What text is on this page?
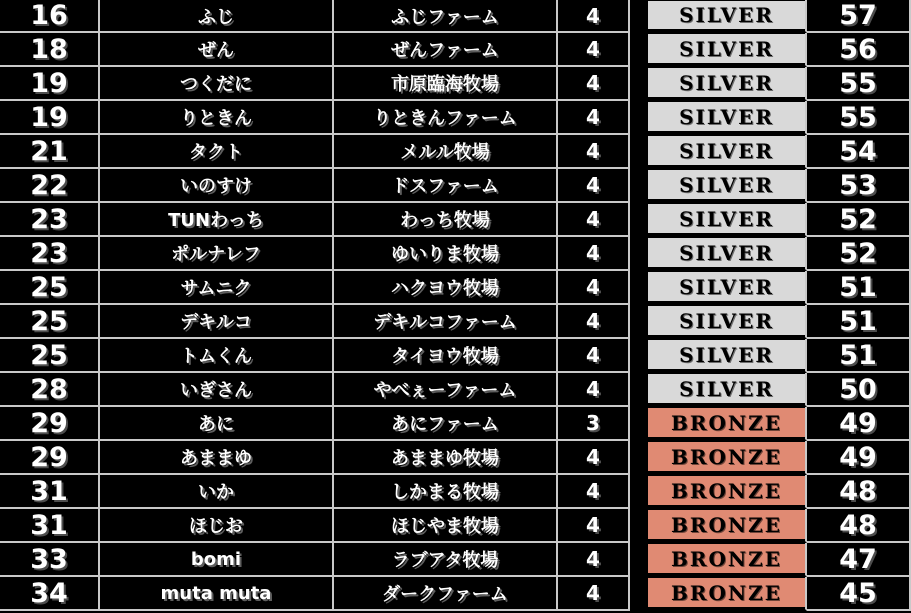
16	ふじ	ふじファーム	4	SILVER	57
18	ぜん	ぜんファーム	4	SILVER	56
19	つくだに	市原臨海牧場	4	SILVER	55
19	りときん	りときんファーム	4	SILVER	55
21	タクト	メルル牧場	4	SILVER	54
22	いのすけ	ドスファーム	4	SILVER	53
23	TUNわっち	わっち牧場	4	SILVER	52
23	ポルナレフ	ゆいりま牧場	4	SILVER	52
25	サムニク	ハクヨウ牧場	4	SILVER	51
25	デキルコ	デキルコファーム	4	SILVER	51
25	トムくん	タイヨウ牧場	4	SILVER	51
28	いぎさん	やべぇーファーム	4	SILVER	50
29	あに	あにファーム	3	BRONZE	49
29	あままゆ	あままゆ牧場	4	BRONZE	49
31	いか	しかまる牧場	4	BRONZE	48
31	ほじお	ほじやま牧場	4	BRONZE	48
33	bomi	ラブアタ牧場	4	BRONZE	47
34	muta muta	ダークファーム	4	BRONZE	45
